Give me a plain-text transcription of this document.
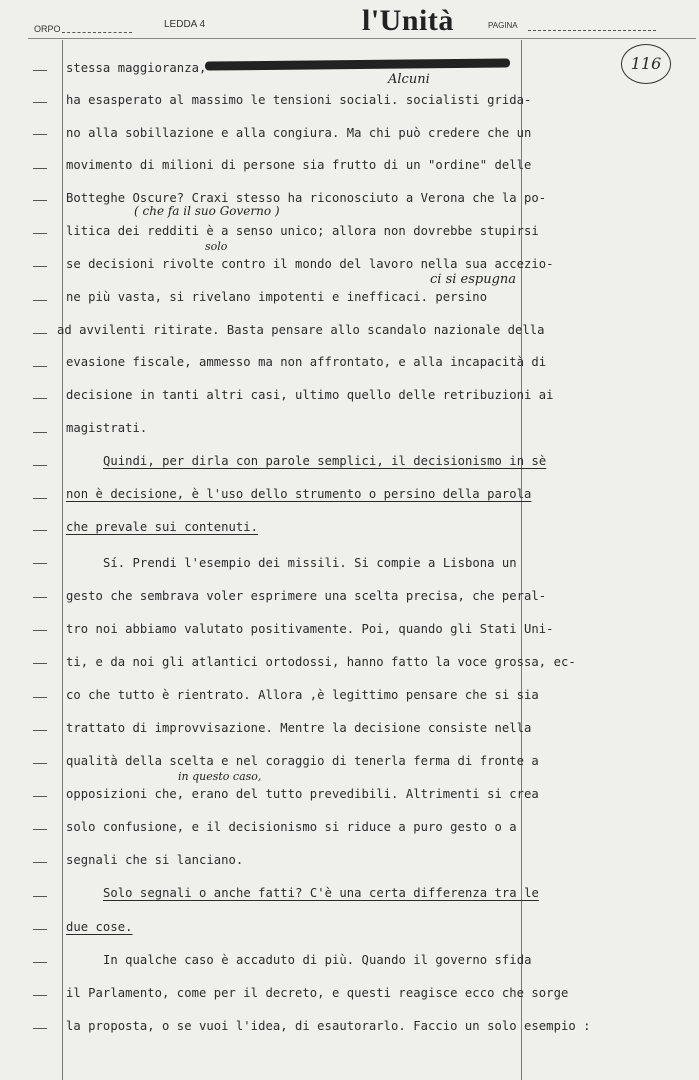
ORPO	LEDDA 4	l'Unità	PAGINA
116
Alcuni
( che fa il suo Governo )
solo
ci si espugna
in questo caso,
stessa maggioranza,
ha esasperato al massimo le tensioni sociali. socialisti grida-
no alla sobillazione e alla congiura. Ma chi può credere che un
movimento di milioni di persone sia frutto di un "ordine" delle
Botteghe Oscure? Craxi stesso ha riconosciuto a Verona che la po-
litica dei redditi è a senso unico; allora non dovrebbe stupirsi
se decisioni rivolte contro il mondo del lavoro nella sua accezio-
ne più vasta, si rivelano impotenti e inefficaci. persino
ad avvilenti ritirate. Basta pensare allo scandalo nazionale della
evasione fiscale, ammesso ma non affrontato, e alla incapacità di
decisione in tanti altri casi, ultimo quello delle retribuzioni ai
magistrati.
Quindi, per dirla con parole semplici, il decisionismo in sè
non è decisione, è l'uso dello strumento o persino della parola
che prevale sui contenuti.
Sí. Prendi l'esempio dei missili. Si compie a Lisbona un
gesto che sembrava voler esprimere una scelta precisa, che peral-
tro noi abbiamo valutato positivamente. Poi, quando gli Stati Uni-
ti, e da noi gli atlantici ortodossi, hanno fatto la voce grossa, ec-
co che tutto è rientrato. Allora ,è legittimo pensare che si sia
trattato di improvvisazione. Mentre la decisione consiste nella
qualità della scelta e nel coraggio di tenerla ferma di fronte a
opposizioni che, erano del tutto prevedibili. Altrimenti si crea
solo confusione, e il decisionismo si riduce a puro gesto o a
segnali che si lanciano.
Solo segnali o anche fatti? C'è una certa differenza tra le
due cose.
In qualche caso è accaduto di più. Quando il governo sfida
il Parlamento, come per il decreto, e questi reagisce ecco che sorge
la proposta, o se vuoi l'idea, di esautorarlo. Faccio un solo esempio :
